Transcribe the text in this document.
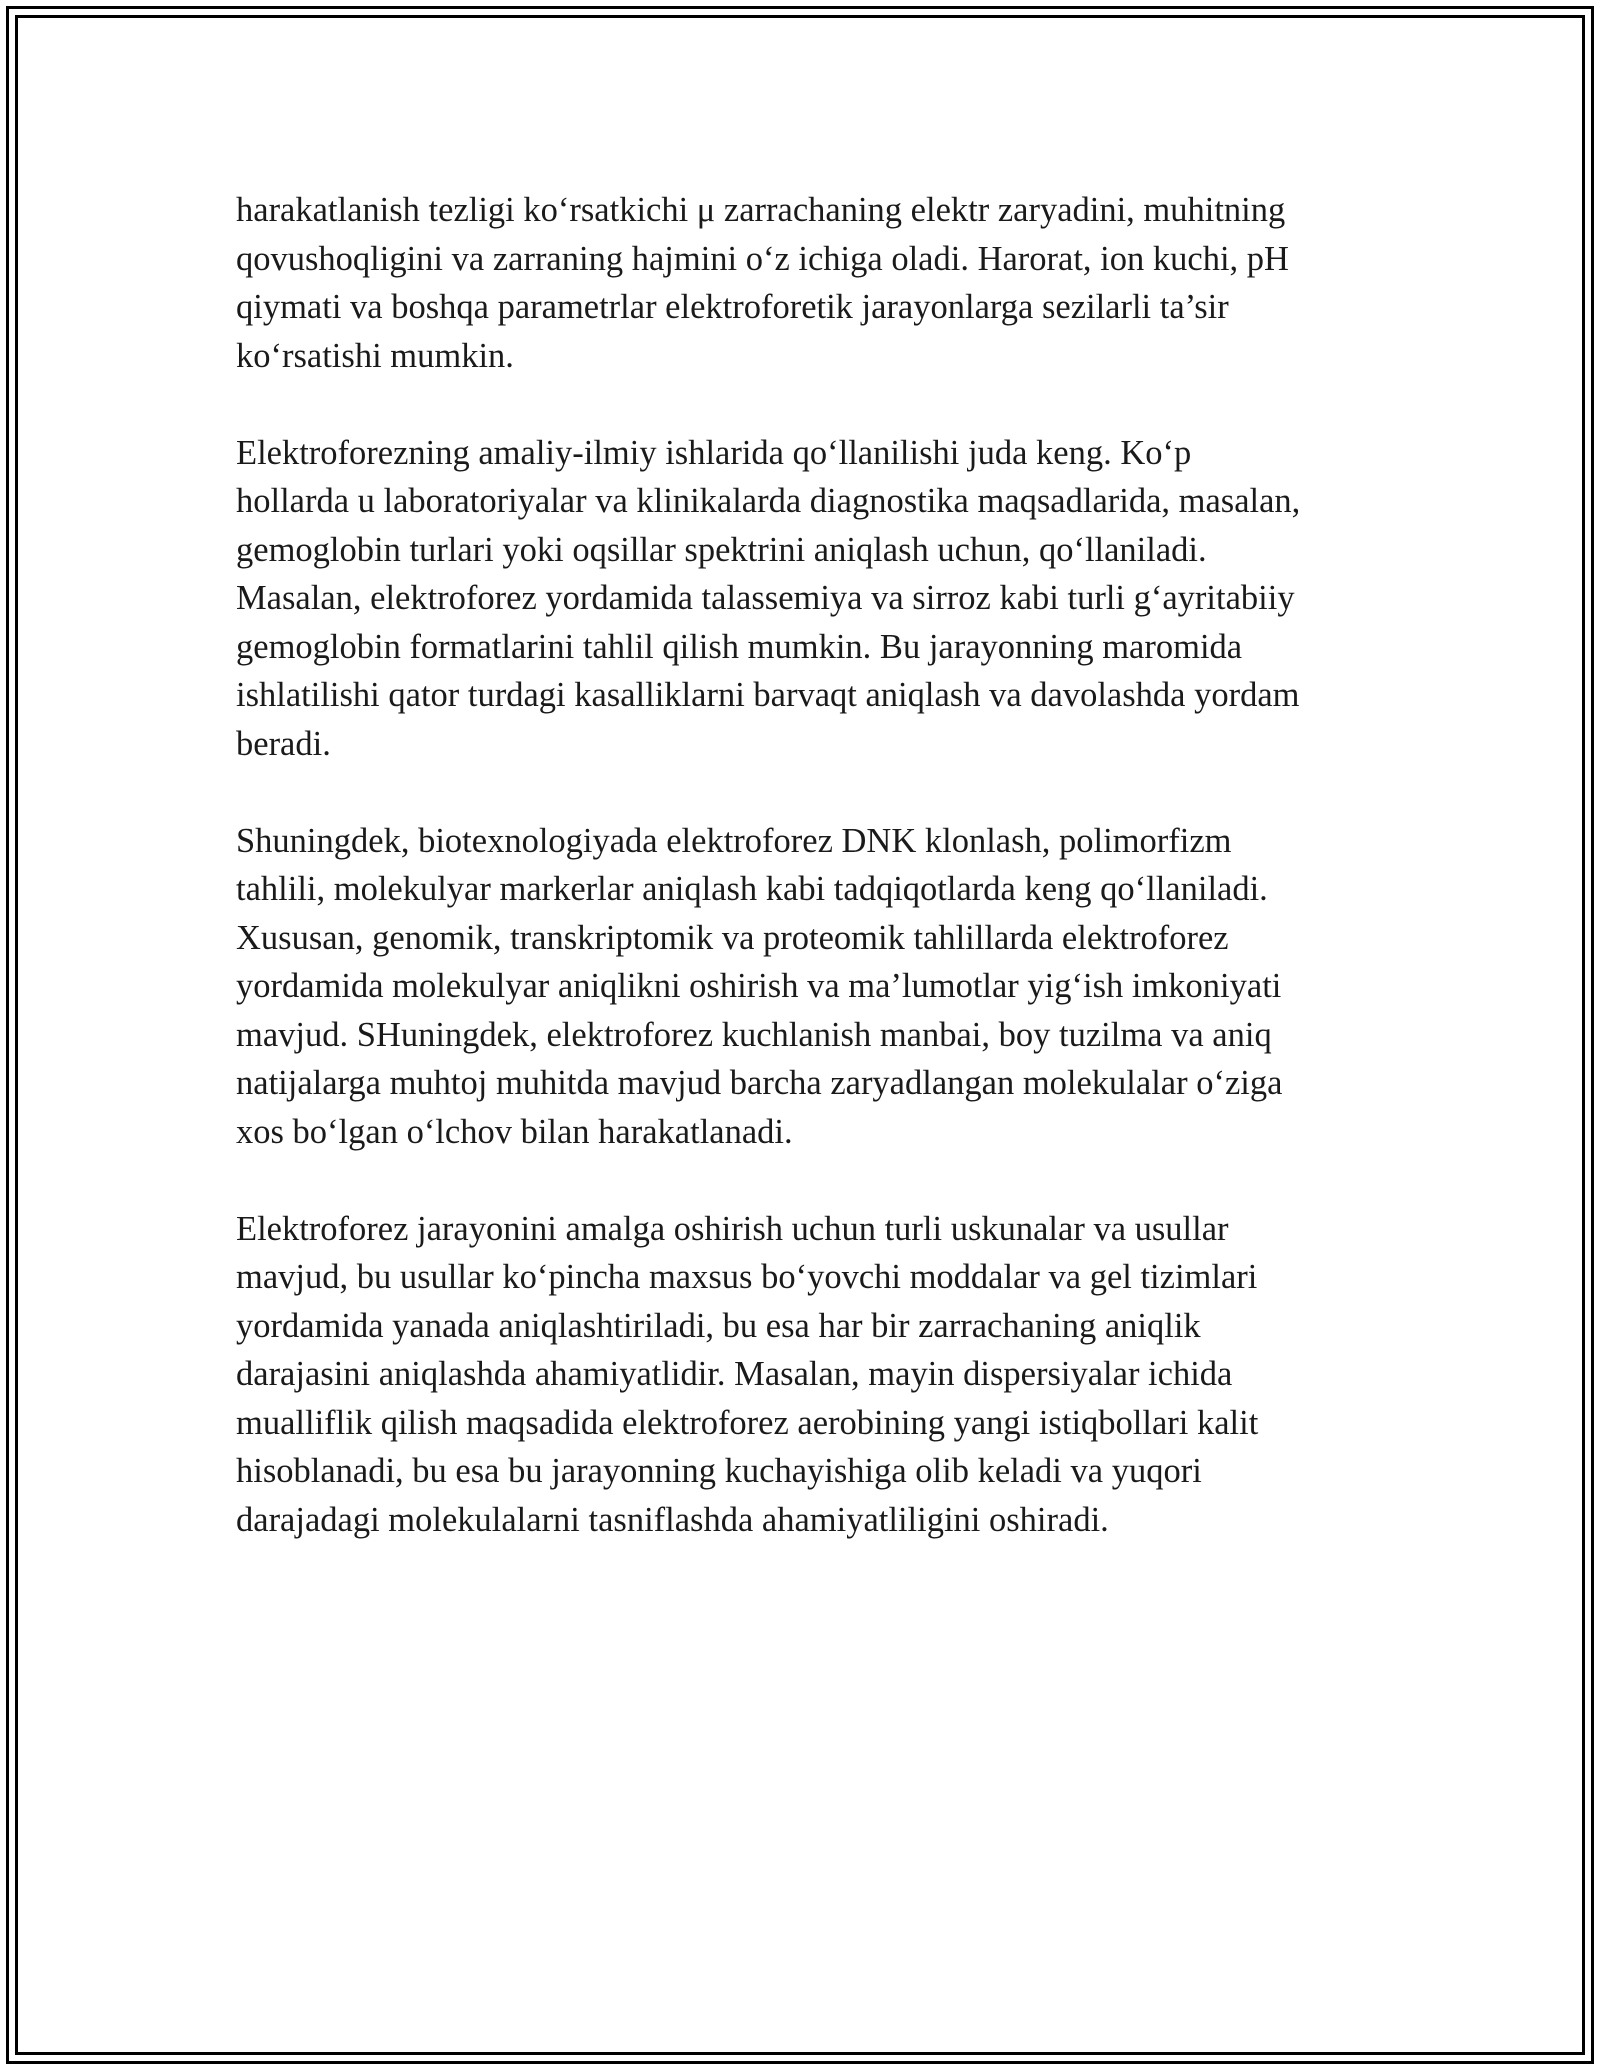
harakatlanish tezligi ko‘rsatkichi μ zarrachaning elektr zaryadini, muhitning
qovushoqligini va zarraning hajmini o‘z ichiga oladi. Harorat, ion kuchi, pH
qiymati va boshqa parametrlar elektroforetik jarayonlarga sezilarli ta’sir
ko‘rsatishi mumkin.

Elektroforezning amaliy-ilmiy ishlarida qo‘llanilishi juda keng. Ko‘p
hollarda u laboratoriyalar va klinikalarda diagnostika maqsadlarida, masalan,
gemoglobin turlari yoki oqsillar spektrini aniqlash uchun, qo‘llaniladi.
Masalan, elektroforez yordamida talassemiya va sirroz kabi turli g‘ayritabiiy
gemoglobin formatlarini tahlil qilish mumkin. Bu jarayonning maromida
ishlatilishi qator turdagi kasalliklarni barvaqt aniqlash va davolashda yordam
beradi.

Shuningdek, biotexnologiyada elektroforez DNK klonlash, polimorfizm
tahlili, molekulyar markerlar aniqlash kabi tadqiqotlarda keng qo‘llaniladi.
Xususan, genomik, transkriptomik va proteomik tahlillarda elektroforez
yordamida molekulyar aniqlikni oshirish va ma’lumotlar yig‘ish imkoniyati
mavjud. SHuningdek, elektroforez kuchlanish manbai, boy tuzilma va aniq
natijalarga muhtoj muhitda mavjud barcha zaryadlangan molekulalar o‘ziga
xos bo‘lgan o‘lchov bilan harakatlanadi.

Elektroforez jarayonini amalga oshirish uchun turli uskunalar va usullar
mavjud, bu usullar ko‘pincha maxsus bo‘yovchi moddalar va gel tizimlari
yordamida yanada aniqlashtiriladi, bu esa har bir zarrachaning aniqlik
darajasini aniqlashda ahamiyatlidir. Masalan, mayin dispersiyalar ichida
mualliflik qilish maqsadida elektroforez aerobining yangi istiqbollari kalit
hisoblanadi, bu esa bu jarayonning kuchayishiga olib keladi va yuqori
darajadagi molekulalarni tasniflashda ahamiyatliligini oshiradi.
